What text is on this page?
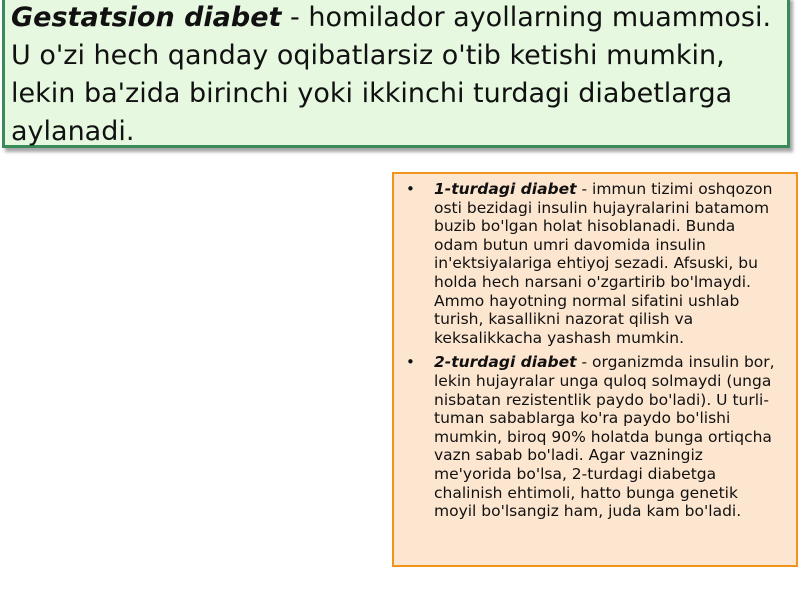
Gestatsion diabet - homilador ayollarning muammosi. U o'zi hech qanday oqibatlarsiz o'tib ketishi mumkin, lekin ba'zida birinchi yoki ikkinchi turdagi diabetlarga aylanadi.

• 1-turdagi diabet - immun tizimi oshqozon osti bezidagi insulin hujayralarini batamom buzib bo'lgan holat hisoblanadi. Bunda odam butun umri davomida insulin in'ektsiyalariga ehtiyoj sezadi. Afsuski, bu holda hech narsani o'zgartirib bo'lmaydi. Ammo hayotning normal sifatini ushlab turish, kasallikni nazorat qilish va keksalikkacha yashash mumkin.
• 2-turdagi diabet - organizmda insulin bor, lekin hujayralar unga quloq solmaydi (unga nisbatan rezistentlik paydo bo'ladi). U turli-tuman sabablarga ko'ra paydo bo'lishi mumkin, biroq 90% holatda bunga ortiqcha vazn sabab bo'ladi. Agar vazningiz me'yorida bo'lsa, 2-turdagi diabetga chalinish ehtimoli, hatto bunga genetik moyil bo'lsangiz ham, juda kam bo'ladi.
